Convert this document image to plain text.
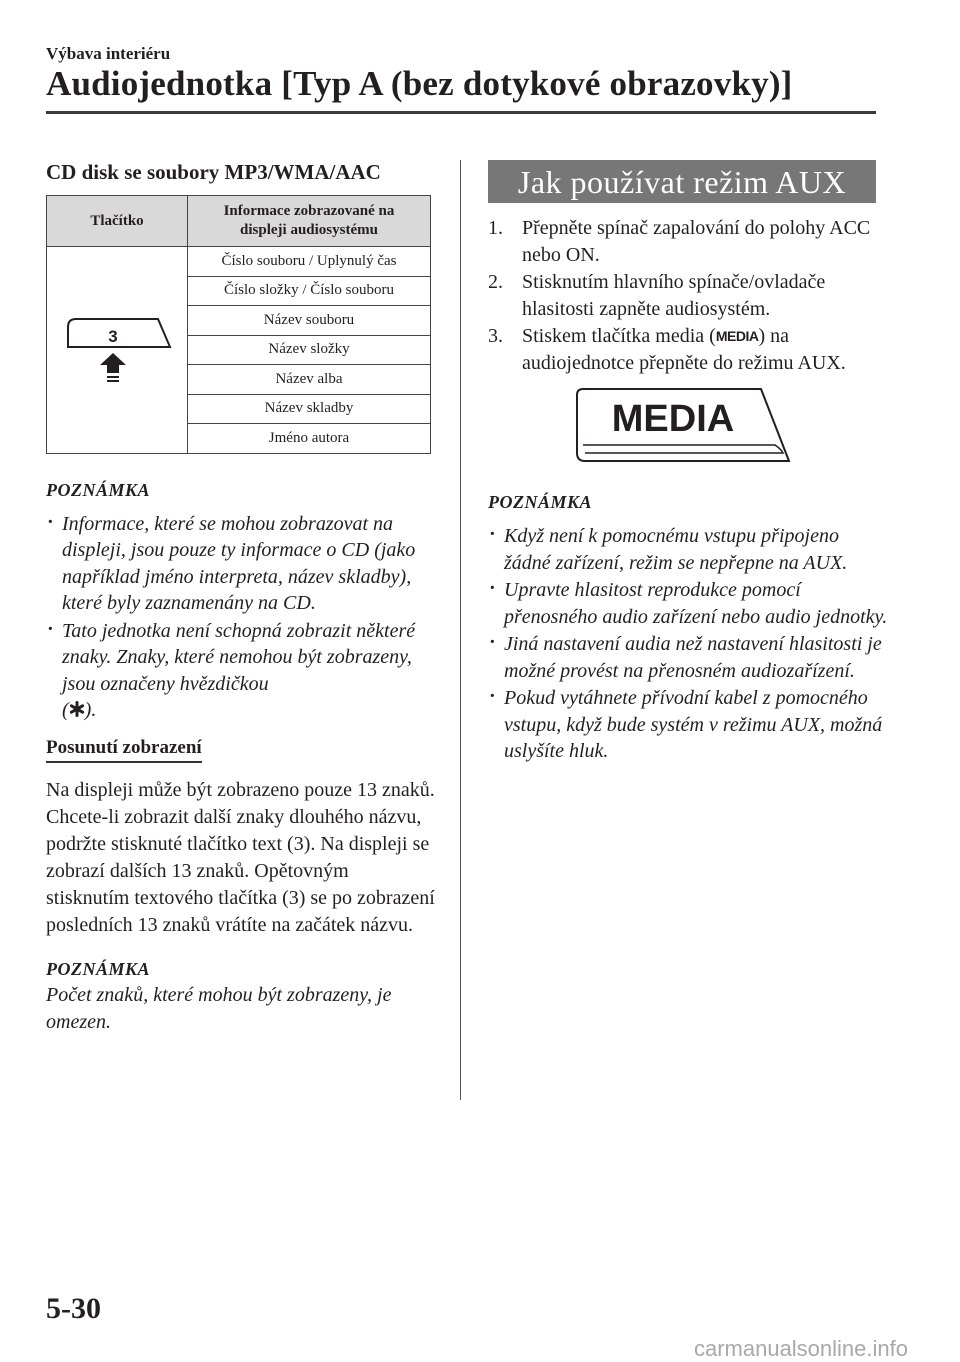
Výbava interiéru
Audiojednotka [Typ A (bez dotykové obrazovky)]
CD disk se soubory MP3/WMA/AAC
Tlačítko	Informace zobrazované na
displeji audiosystému

3	Číslo souboru / Uplynulý čas
	Číslo složky / Číslo souboru
	Název souboru
	Název složky
	Název alba
	Název skladby
	Jméno autora
POZNÁMKA
· Informace, které se mohou zobrazovat na displeji, jsou pouze ty informace o CD (jako například jméno interpreta, název skladby), které byly zaznamenány na CD.
· Tato jednotka není schopná zobrazit některé znaky. Znaky, které nemohou být zobrazeny, jsou označeny hvězdičkou
( ).
Posunutí zobrazení

Na displeji může být zobrazeno pouze 13 znaků. Chcete-li zobrazit další znaky dlouhého názvu, podržte stisknuté tlačítko text (3). Na displeji se zobrazí dalších 13 znaků. Opětovným stisknutím textového tlačítka (3) se po zobrazení posledních 13 znaků vrátíte na začátek názvu.

POZNÁMKA

Počet znaků, které mohou být zobrazeny, je omezen.

Jak používat režim AUX
1. Přepněte spínač zapalování do polohy ACC nebo ON.
2. Stisknutím hlavního spínače/ovladače hlasitosti zapněte audiosystém.
3. Stiskem tlačítka media (MEDIA) na audiojednotce přepněte do režimu AUX.
MEDIA
POZNÁMKA
· Když není k pomocnému vstupu připojeno žádné zařízení, režim se nepřepne na AUX.
· Upravte hlasitost reprodukce pomocí přenosného audio zařízení nebo audio jednotky.
· Jiná nastavení audia než nastavení hlasitosti je možné provést na přenosném audiozařízení.
· Pokud vytáhnete přívodní kabel z pomocného vstupu, když bude systém v režimu AUX, možná uslyšíte hluk.
5-30
carmanualsonline.info
